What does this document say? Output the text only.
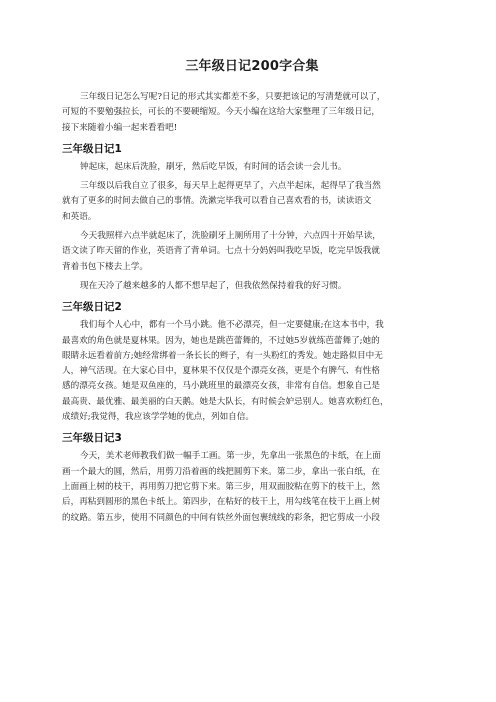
三年级日记200字合集
三年级日记怎么写呢?日记的形式其实都差不多，只要把该记的写清楚就可以了，
可短的不要勉强拉长，可长的不要硬缩短。今天小编在这给大家整理了三年级日记，
接下来随着小编一起来看看吧!
三年级日记1
钟起床，起床后洗脸，刷牙，然后吃早饭，有时间的话会读一会儿书。
三年级以后我自立了很多，每天早上起得更早了，六点半起床，起得早了我当然
就有了更多的时间去做自己的事情。洗漱完毕我可以看自己喜欢看的书，读读语文
和英语。
今天我照样六点半就起床了，洗脸刷牙上厕所用了十分钟，六点四十开始早读，
语文读了昨天留的作业，英语背了背单词。七点十分妈妈叫我吃早饭，吃完早饭我就
背着书包下楼去上学。
现在天冷了越来越多的人都不想早起了，但我依然保持着我的好习惯。
三年级日记2
我们每个人心中，都有一个马小跳。他不必漂亮，但一定要健康;在这本书中，我
最喜欢的角色就是夏林果。因为，她也是跳芭蕾舞的，不过她5岁就练芭蕾舞了;她的
眼睛永远看着前方;她经常绑着一条长长的辫子，有一头粉红的秀发。她走路似目中无
人，神气活现。在大家心目中，夏林果不仅仅是个漂亮女孩，更是个有脾气、有性格
感的漂亮女孩。她是双鱼座的，马小跳班里的最漂亮女孩，非常有自信。想象自己是
最高贵、最优雅、最美丽的白天鹅。她是大队长，有时候会妒忌别人。她喜欢粉红色，
成绩好;我觉得，我应该学学她的优点，列如自信。
三年级日记3
今天，美术老师教我们做一幅手工画。第一步，先拿出一张黑色的卡纸，在上面
画一个最大的圆，然后，用剪刀沿着画的线把圆剪下来。第二步，拿出一张白纸，在
上面画上树的枝干，再用剪刀把它剪下来。第三步，用双面胶粘在剪下的枝干上，然
后，再粘到圆形的黑色卡纸上。第四步，在粘好的枝干上，用勾线笔在枝干上画上树
的纹路。第五步，使用不同颜色的中间有铁丝外面包裹绒线的彩条，把它剪成一小段
